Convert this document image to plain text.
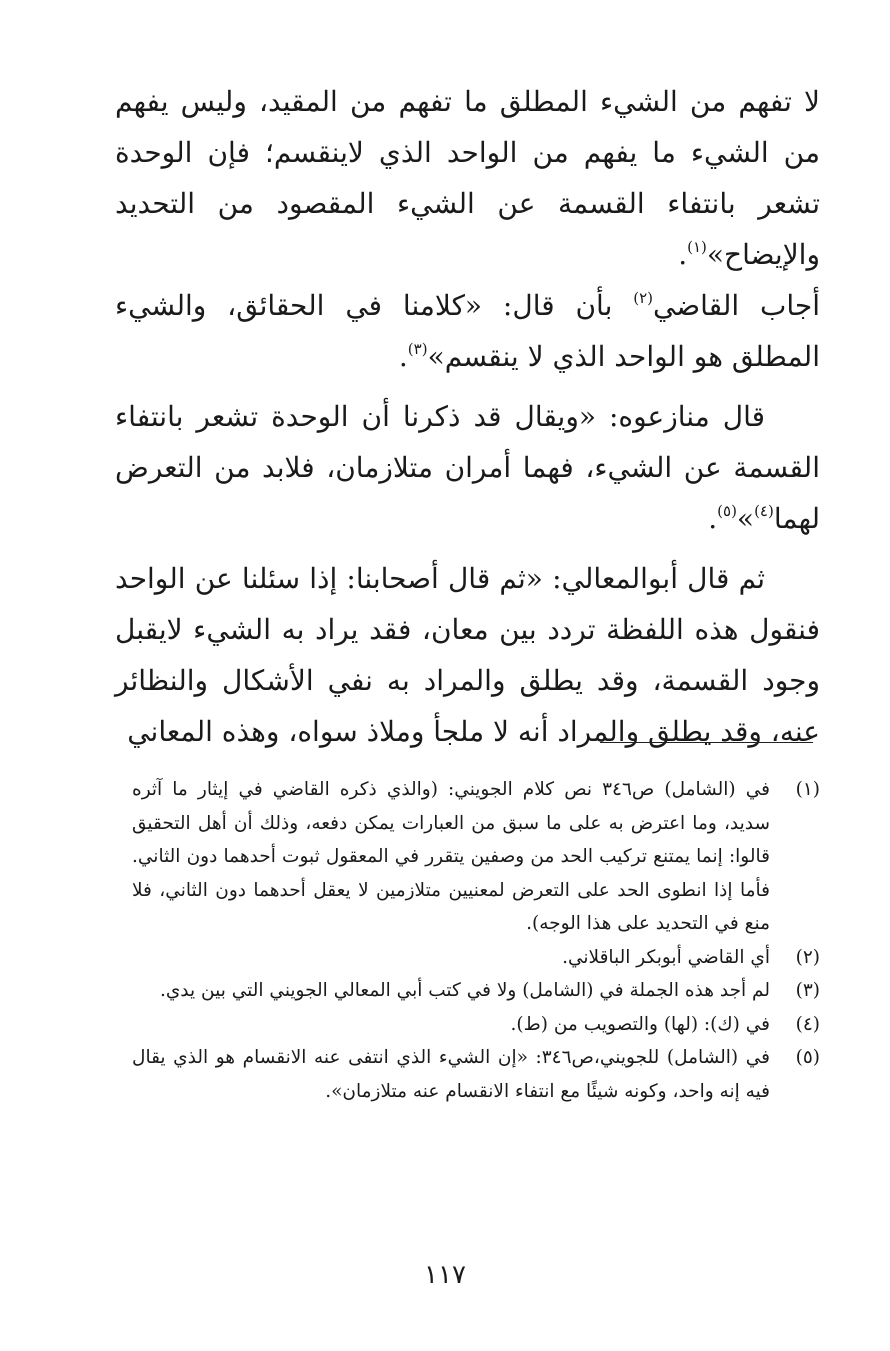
لا تفهم من الشيء المطلق ما تفهم من المقيد، وليس يفهم من الشيء ما يفهم من الواحد الذي لاينقسم؛ فإن الوحدة تشعر بانتفاء القسمة عن الشيء المقصود من التحديد والإيضاح»$^{(١)}$.

أجاب القاضي$^{(٢)}$ بأن قال: «كلامنا في الحقائق، والشيء المطلق هو الواحد الذي لا ينقسم»$^{(٣)}$.

قال منازعوه: «ويقال قد ذكرنا أن الوحدة تشعر بانتفاء القسمة عن الشيء، فهما أمران متلازمان، فلابد من التعرض لهما$^{(٤)}$»$^{(٥)}$.

ثم قال أبوالمعالي: «ثم قال أصحابنا: إذا سئلنا عن الواحد فنقول هذه اللفظة تردد بين معان، فقد يراد به الشيء لايقبل وجود القسمة، وقد يطلق والمراد به نفي الأشكال والنظائر عنه، وقد يطلق والمراد أنه لا ملجأ وملاذ سواه، وهذه المعاني

(١)
في (الشامل) ص٣٤٦ نص كلام الجويني: (والذي ذكره القاضي في إيثار ما آثره سديد، وما اعترض به على ما سبق من العبارات يمكن دفعه، وذلك أن أهل التحقيق قالوا: إنما يمتنع تركيب الحد من وصفين يتقرر في المعقول ثبوت أحدهما دون الثاني. فأما إذا انطوى الحد على التعرض لمعنيين متلازمين لا يعقل أحدهما دون الثاني، فلا منع في التحديد على هذا الوجه).
(٢)
أي القاضي أبوبكر الباقلاني.
(٣)
لم أجد هذه الجملة في (الشامل) ولا في كتب أبي المعالي الجويني التي بين يدي.
(٤)
في (ك): (لها) والتصويب من (ط).
(٥)
في (الشامل) للجويني،ص٣٤٦: «إن الشيء الذي انتفى عنه الانقسام هو الذي يقال فيه إنه واحد، وكونه شيئًا مع انتفاء الانقسام عنه متلازمان».
١١٧
